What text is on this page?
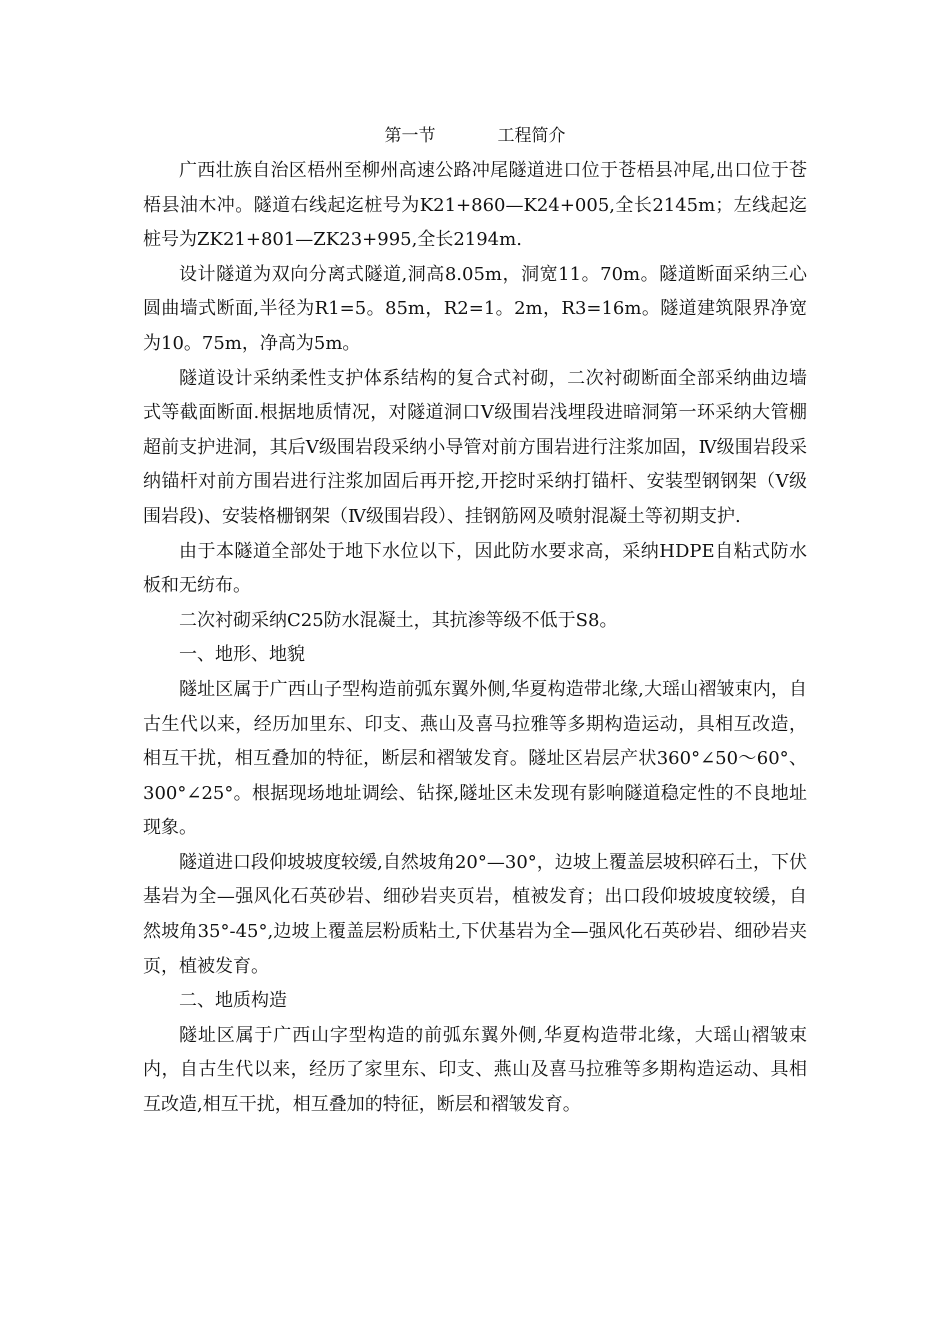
第一节	工程简介

广西壮族自治区梧州至柳州高速公路冲尾隧道进口位于苍梧县冲尾,出口位于苍梧县油木冲。隧道右线起迄桩号为K21+860—K24+005,全长2145m；左线起迄桩号为ZK21+801—ZK23+995,全长2194m.

设计隧道为双向分离式隧道,洞高8.05m，洞宽11。70m。隧道断面采纳三心圆曲墙式断面,半径为R1=5。85m，R2=1。2m，R3=16m。隧道建筑限界净宽为10。75m，净高为5m。

隧道设计采纳柔性支护体系结构的复合式衬砌，二次衬砌断面全部采纳曲边墙式等截面断面.根据地质情况，对隧道洞口Ⅴ级围岩浅埋段进暗洞第一环采纳大管棚超前支护进洞，其后Ⅴ级围岩段采纳小导管对前方围岩进行注浆加固，Ⅳ级围岩段采纳锚杆对前方围岩进行注浆加固后再开挖,开挖时采纳打锚杆、安装型钢钢架（Ⅴ级围岩段)、安装格栅钢架（Ⅳ级围岩段）、挂钢筋网及喷射混凝土等初期支护.

由于本隧道全部处于地下水位以下，因此防水要求高，采纳HDPE自粘式防水板和无纺布。

二次衬砌采纳C25防水混凝土，其抗渗等级不低于S8。

一、地形、地貌

隧址区属于广西山子型构造前弧东翼外侧,华夏构造带北缘,大瑶山褶皱束内，自古生代以来，经历加里东、印支、燕山及喜马拉雅等多期构造运动，具相互改造，相互干扰，相互叠加的特征，断层和褶皱发育。隧址区岩层产状360°∠50～60°、300°∠25°。根据现场地址调绘、钻探,隧址区未发现有影响隧道稳定性的不良地址现象。

隧道进口段仰坡坡度较缓,自然坡角20°—30°，边坡上覆盖层坡积碎石土，下伏基岩为全—强风化石英砂岩、细砂岩夹页岩，植被发育；出口段仰坡坡度较缓，自然坡角35°-45°,边坡上覆盖层粉质粘土,下伏基岩为全—强风化石英砂岩、细砂岩夹页，植被发育。

二、地质构造

隧址区属于广西山字型构造的前弧东翼外侧,华夏构造带北缘，大瑶山褶皱束内，自古生代以来，经历了家里东、印支、燕山及喜马拉雅等多期构造运动、具相互改造,相互干扰，相互叠加的特征，断层和褶皱发育。
